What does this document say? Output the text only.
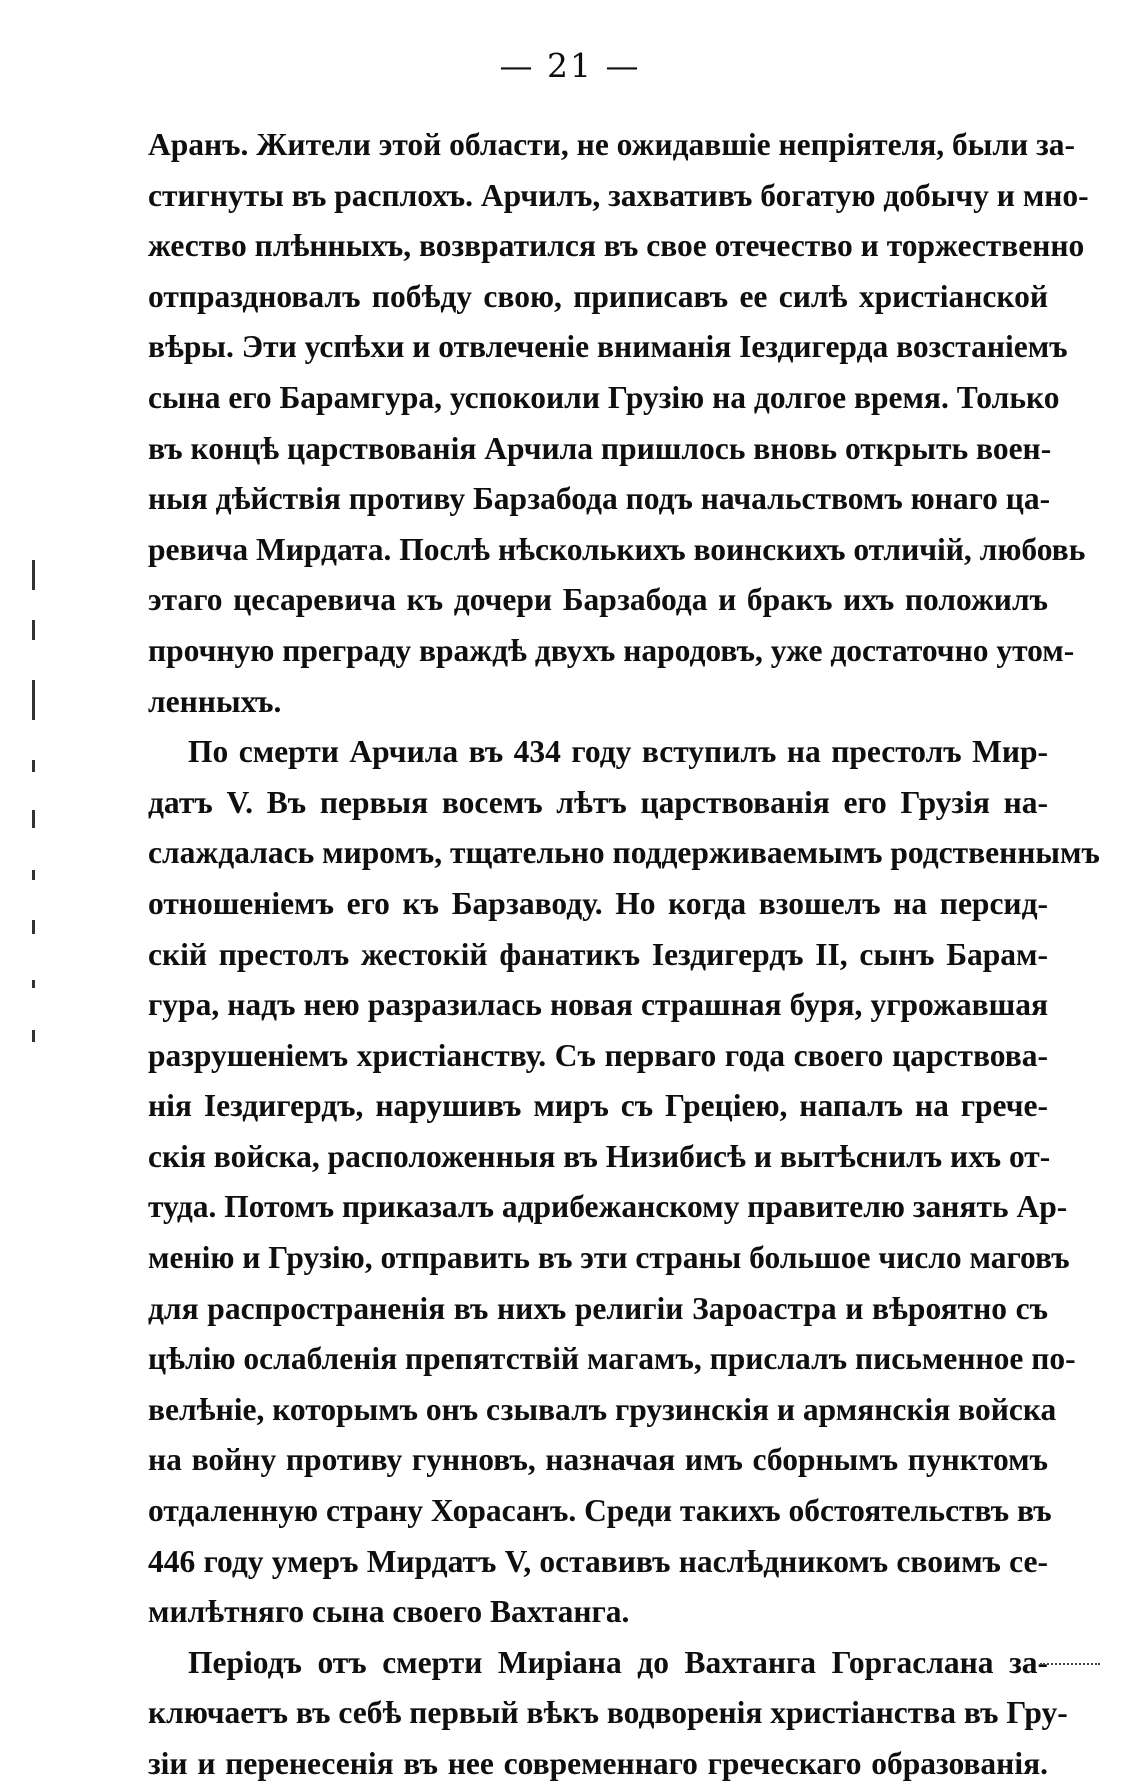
— 21 —
Аранъ. Жители этой области, не ожидавшіе непріятеля, были за-
стигнуты въ расплохъ. Арчилъ, захвативъ богатую добычу и мно-
жество плѣнныхъ, возвратился въ свое отечество и торжественно
отпраздновалъ побѣду свою, приписавъ ее силѣ христіанской
вѣры. Эти успѣхи и отвлеченіе вниманія Іездигерда возстаніемъ
сына его Барамгура, успокоили Грузію на долгое время. Только
въ концѣ царствованія Арчила пришлось вновь открыть воен-
ныя дѣйствія противу Барзабода подъ начальствомъ юнаго ца-
ревича Мирдата. Послѣ нѣсколькихъ воинскихъ отличій, любовь
этаго цесаревича къ дочери Барзабода и бракъ ихъ положилъ
прочную преграду враждѣ двухъ народовъ, уже достаточно утом-
ленныхъ.
По смерти Арчила въ 434 году вступилъ на престолъ Мир-
датъ V. Въ первыя восемъ лѣтъ царствованія его Грузія на-
слаждалась миромъ, тщательно поддерживаемымъ родственнымъ
отношеніемъ его къ Барзаводу. Но когда взошелъ на персид-
скій престолъ жестокій фанатикъ Іездигердъ II, сынъ Барам-
гура, надъ нею разразилась новая страшная буря, угрожавшая
разрушеніемъ христіанству. Съ перваго года своего царствова-
нія Іездигердъ, нарушивъ миръ съ Греціею, напалъ на грече-
скія войска, расположенныя въ Низибисѣ и вытѣснилъ ихъ от-
туда. Потомъ приказалъ адрибежанскому правителю занять Ар-
менію и Грузію, отправить въ эти страны большое число маговъ
для распространенія въ нихъ религіи Зароастра и вѣроятно съ
цѣлію ослабленія препятствій магамъ, прислалъ письменное по-
велѣніе, которымъ онъ сзывалъ грузинскія и армянскія войска
на войну противу гунновъ, назначая имъ сборнымъ пунктомъ
отдаленную страну Хорасанъ. Среди такихъ обстоятельствъ въ
446 году умеръ Мирдатъ V, оставивъ наслѣдникомъ своимъ се-
милѣтняго сына своего Вахтанга.
Періодъ отъ смерти Миріана до Вахтанга Горгаслана за-
ключаетъ въ себѣ первый вѣкъ водворенія христіанства въ Гру-
зіи и перенесенія въ нее современнаго греческаго образованія.
